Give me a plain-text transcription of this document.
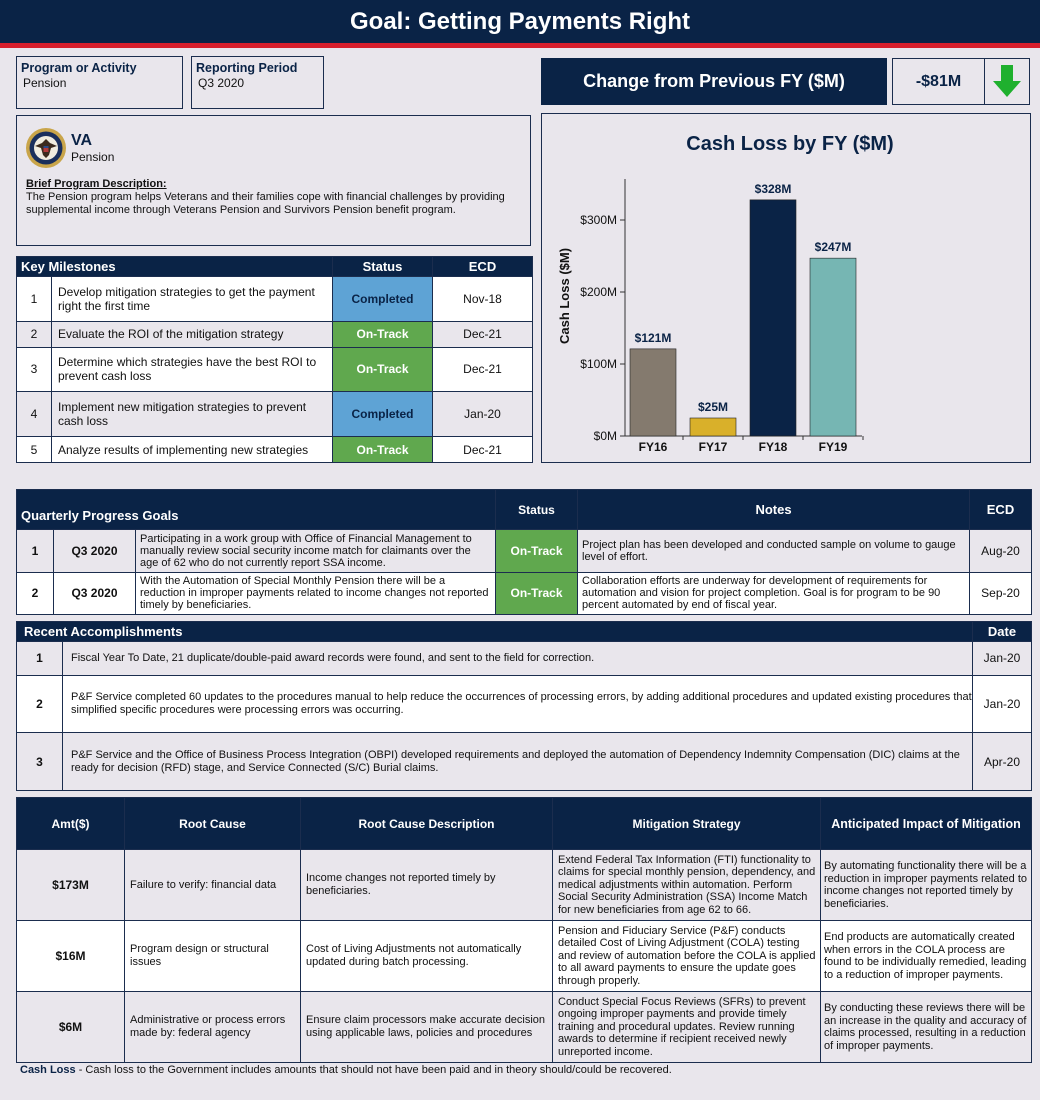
Goal: Getting Payments Right
Program or Activity
Pension
Reporting Period
Q3 2020	Change from Previous FY ($M)	-$81M
VA
Pension
Brief Program Description:
The Pension program helps Veterans and their families cope with financial challenges by providing supplemental income through Veterans Pension and Survivors Pension benefit program.
Key Milestones		Status	ECD
1	Develop mitigation strategies to get the payment right the first time	Completed	Nov-18
2	Evaluate the ROI of the mitigation strategy	On-Track	Dec-21
3	Determine which strategies have the best ROI to prevent cash loss	On-Track	Dec-21
4	Implement new mitigation strategies to prevent cash loss	Completed	Jan-20
5	Analyze results of implementing new strategies	On-Track	Dec-21
Cash Loss by FY ($M)
Cash Loss ($M)
$0M
$100M
$200M
$300M
$121M
FY16
$25M
FY17
$328M
FY18
$247M
FY19
Quarterly Progress Goals			Status	Notes	ECD
1	Q3 2020	Participating in a work group with Office of Financial Management to manually review social security income match for claimants over the age of 62 who do not currently report SSA income.	On-Track	Project plan has been developed and conducted sample on volume to gauge level of effort.	Aug-20
2	Q3 2020	With the Automation of Special Monthly Pension there will be a reduction in improper payments related to income changes not reported timely by beneficiaries.	On-Track	Collaboration efforts are underway for development of requirements for automation and vision for project completion. Goal is for program to be 90 percent automated by end of fiscal year.	Sep-20
Recent Accomplishments		Date
1	Fiscal Year To Date, 21 duplicate/double-paid award records were found, and sent to the field for correction.	Jan-20
2	P&F Service completed 60 updates to the procedures manual to help reduce the occurrences of processing errors, by adding additional procedures and updated existing procedures that simplified specific procedures were processing errors was occurring.	Jan-20
3	P&F Service and the Office of Business Process Integration (OBPI) developed requirements and deployed the automation of Dependency Indemnity Compensation (DIC) claims at the ready for decision (RFD) stage, and Service Connected (S/C) Burial claims.	Apr-20
Amt($)	Root Cause	Root Cause Description	Mitigation Strategy	Anticipated Impact of Mitigation
$173M	Failure to verify: financial data	Income changes not reported timely by beneficiaries.	Extend Federal Tax Information (FTI) functionality to claims for special monthly pension, dependency, and medical adjustments within automation. Perform Social Security Administration (SSA) Income Match for new beneficiaries from age 62 to 66.	By automating functionality there will be a reduction in improper payments related to income changes not reported timely by beneficiaries.
$16M	Program design or structural issues	Cost of Living Adjustments not automatically updated during batch processing.	Pension and Fiduciary Service (P&F) conducts detailed Cost of Living Adjustment (COLA) testing and review of automation before the COLA is applied to all award payments to ensure the update goes through properly.	End products are automatically created when errors in the COLA process are found to be individually remedied, leading to a reduction of improper payments.
$6M	Administrative or process errors made by: federal agency	Ensure claim processors make accurate decision using applicable laws, policies and procedures	Conduct Special Focus Reviews (SFRs) to prevent ongoing improper payments and provide timely training and procedural updates. Review running awards to determine if recipient received newly unreported income.	By conducting these reviews there will be an increase in the quality and accuracy of claims processed, resulting in a reduction of improper payments.
Cash Loss - Cash loss to the Government includes amounts that should not have been paid and in theory should/could be recovered.
